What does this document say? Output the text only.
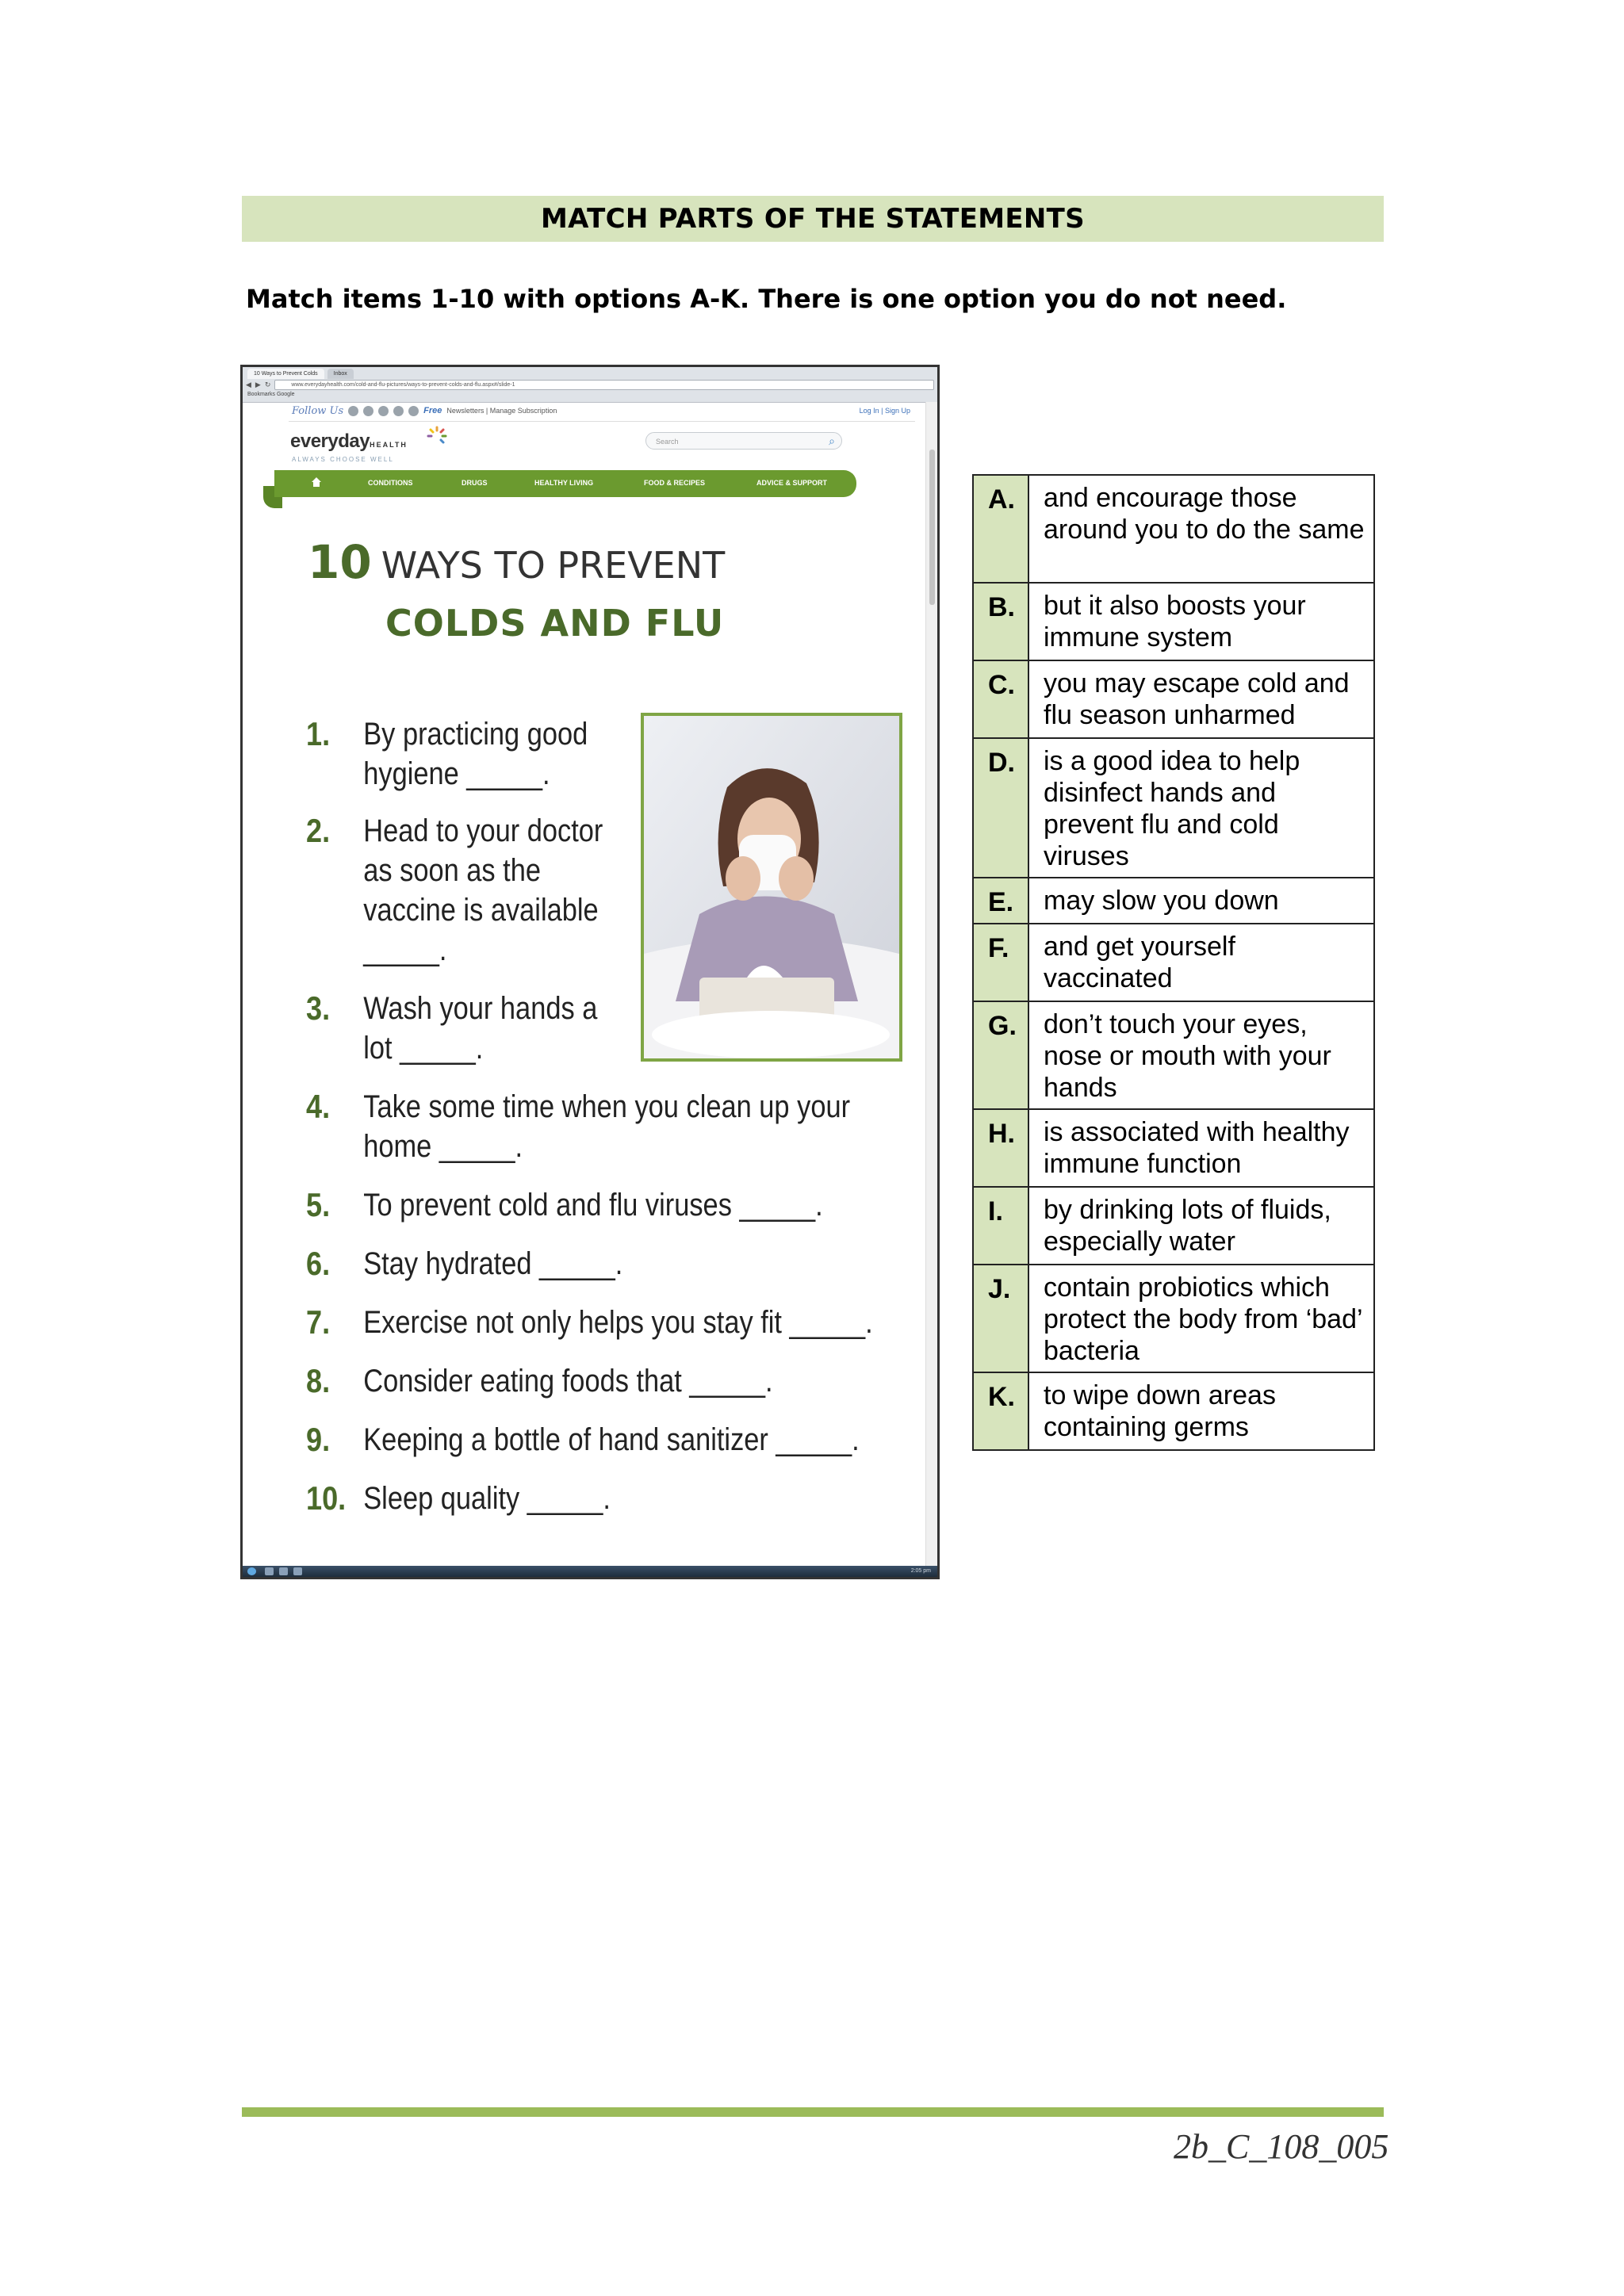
MATCH PARTS OF THE STATEMENTS
Match items 1-10 with options A-K. There is one option you do not need.
10 Ways to Prevent Colds	Inbox
◀ ▶ ↻	www.everydayhealth.com/cold-and-flu-pictures/ways-to-prevent-colds-and-flu.aspx#/slide-1
Bookmarks Google
Follow Us	Free Newsletters | Manage Subscription	Log In | Sign Up
everydayHEALTH
ALWAYS CHOOSE WELL
Search	⌕
CONDITIONS	DRUGS	HEALTHY LIVING	FOOD & RECIPES	ADVICE & SUPPORT
10 WAYS TO PREVENT
COLDS AND FLU
1. By practicing good
hygiene _____.
2. Head to your doctor
as soon as the
vaccine is available
_____.
3. Wash your hands a
lot _____.
4. Take some time when you clean up your
home _____.
5. To prevent cold and flu viruses _____.
6. Stay hydrated _____.
7. Exercise not only helps you stay fit _____.
8. Consider eating foods that _____.
9. Keeping a bottle of hand sanitizer _____.
10. Sleep quality _____.
2:05 pm
A.	and encourage those around you to do the same
B.	but it also boosts your immune system
C.	you may escape cold and flu season unharmed
D.	is a good idea to help disinfect hands and prevent flu and cold viruses
E.	may slow you down
F.	and get yourself vaccinated
G.	don’t touch your eyes, nose or mouth with your hands
H.	is associated with healthy immune function
I.	by drinking lots of fluids, especially water
J.	contain probiotics which protect the body from ‘bad’ bacteria
K.	to wipe down areas containing germs
2b_C_108_005
